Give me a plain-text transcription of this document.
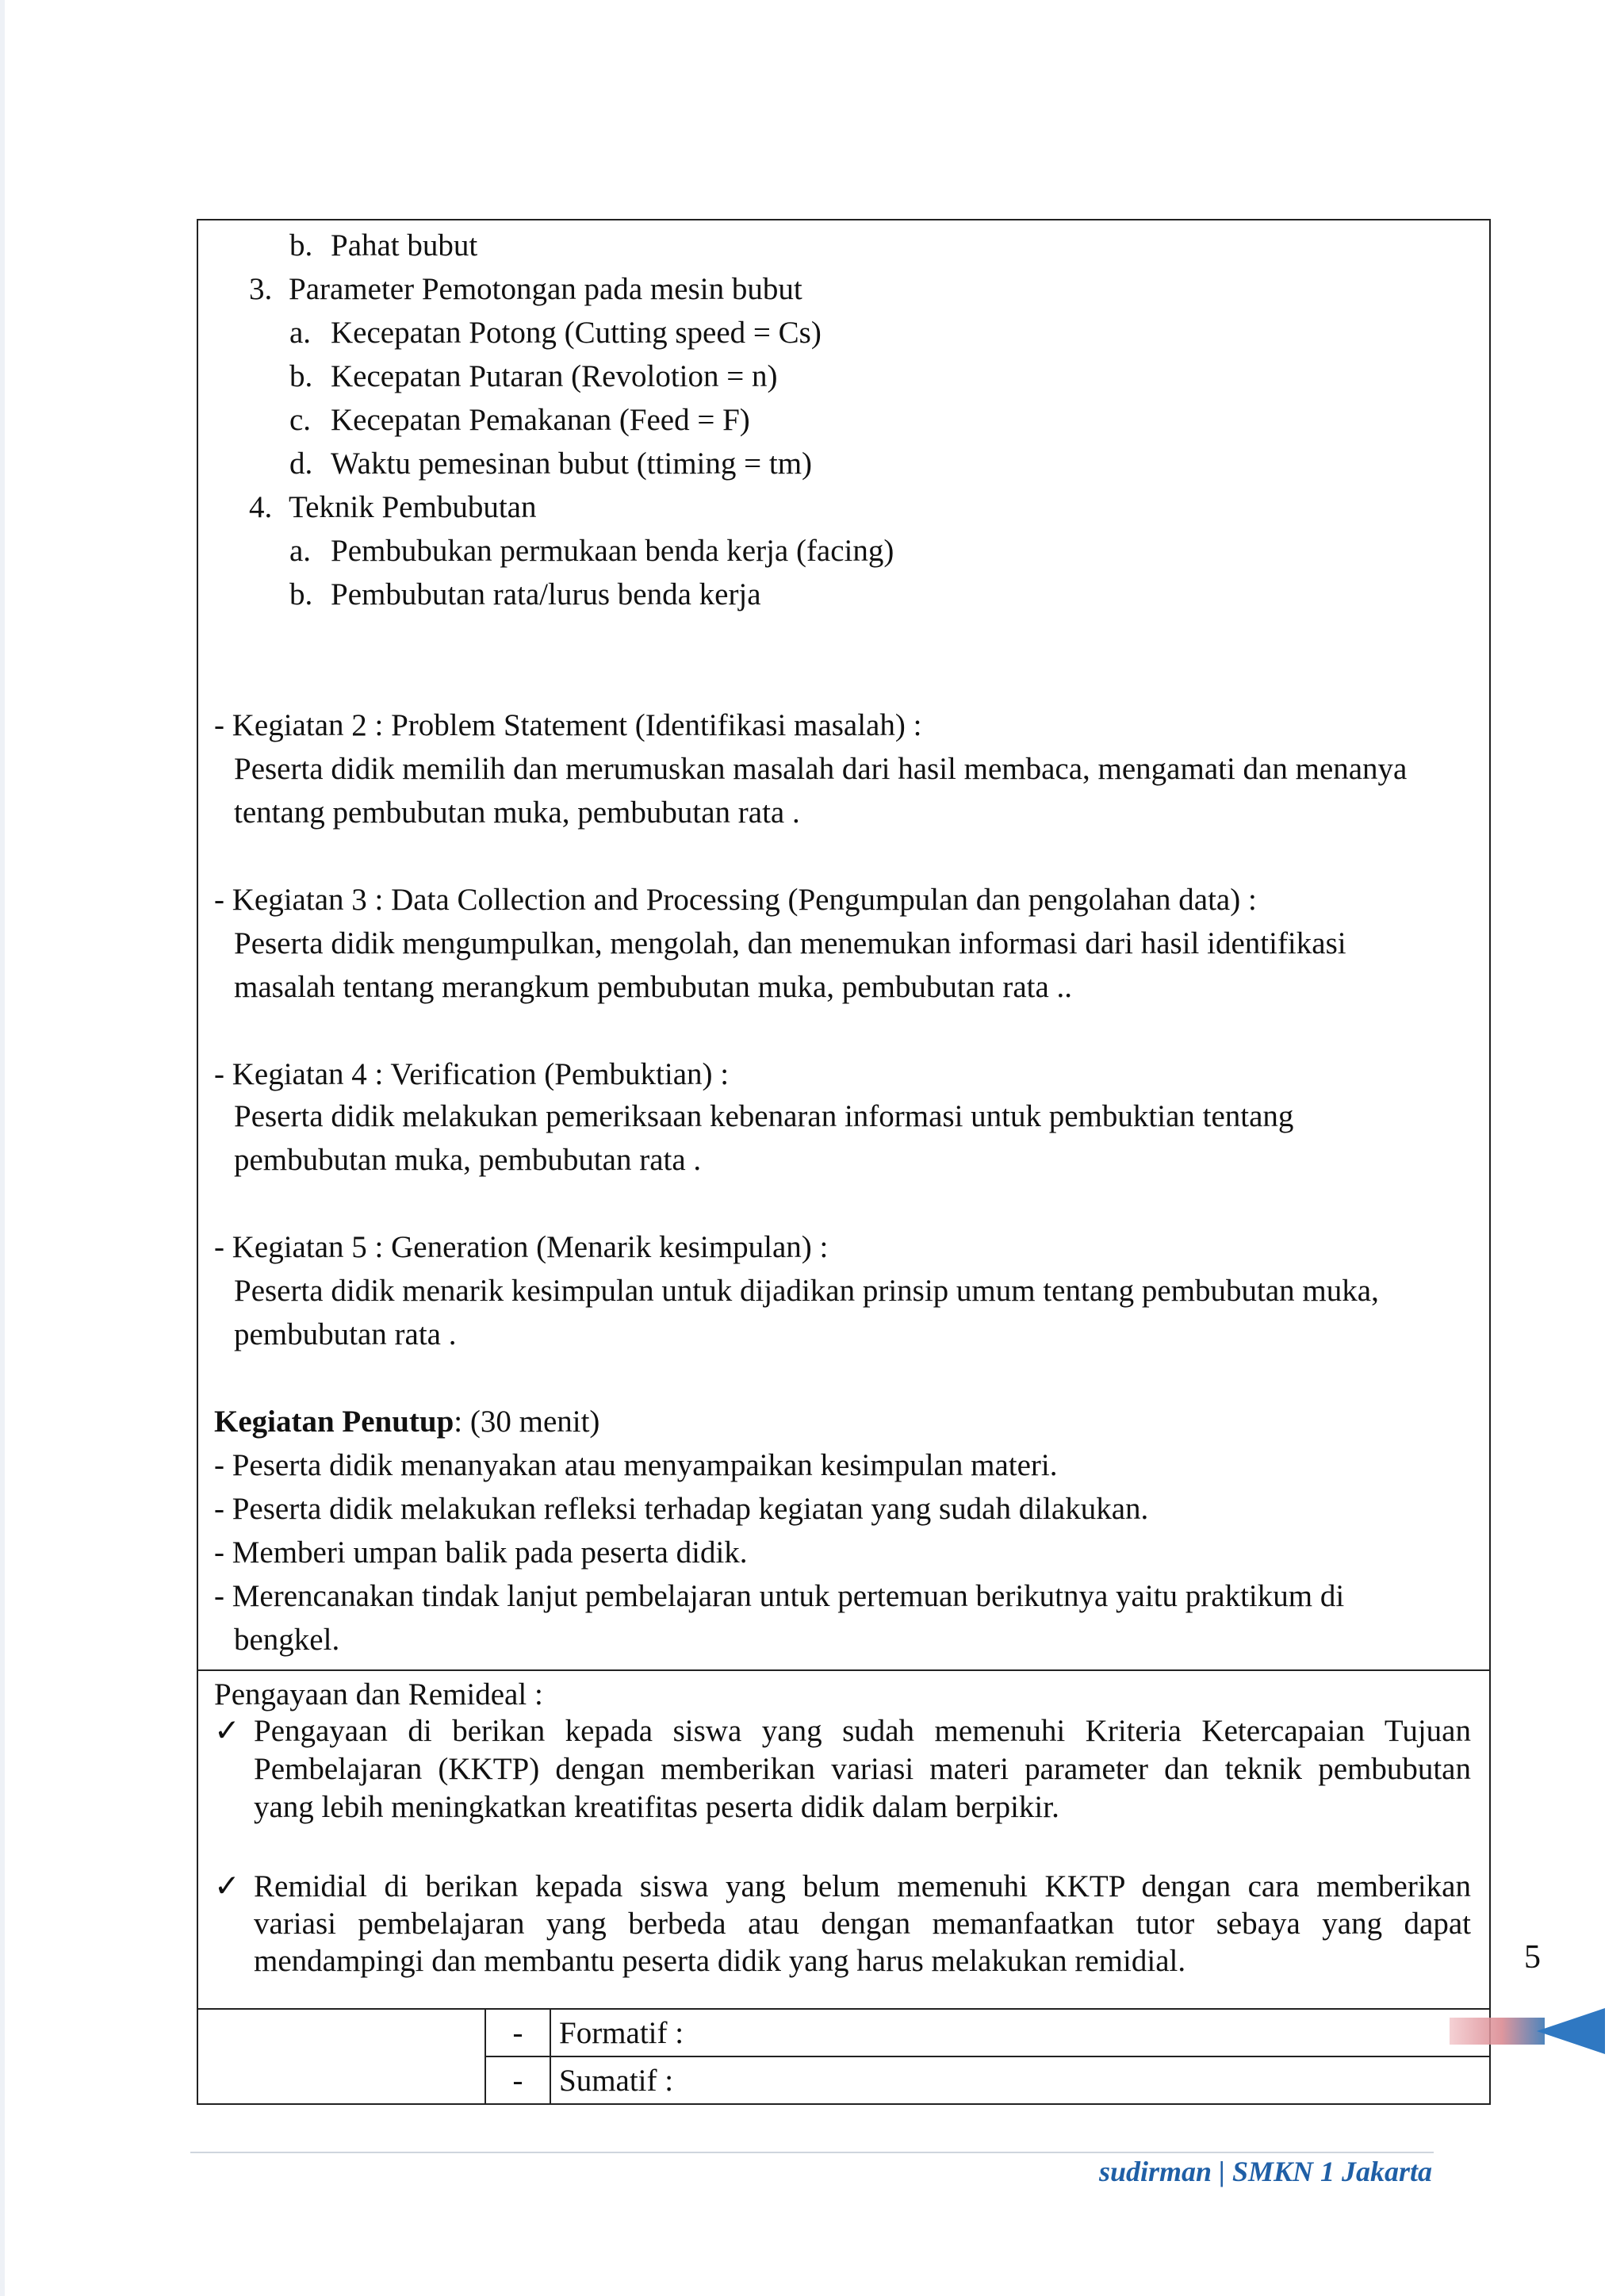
b. Pahat bubut
3. Parameter Pemotongan pada mesin bubut
a. Kecepatan Potong (Cutting speed = Cs)
b. Kecepatan Putaran (Revolotion = n)
c. Kecepatan Pemakanan (Feed = F)
d. Waktu pemesinan bubut (ttiming = tm)
4. Teknik Pembubutan
a. Pembubukan permukaan benda kerja (facing)
b. Pembubutan rata/lurus benda kerja
- Kegiatan 2 : Problem Statement (Identifikasi masalah) :
Peserta didik memilih dan merumuskan masalah dari hasil membaca, mengamati dan menanya
tentang pembubutan muka, pembubutan rata .
- Kegiatan 3 : Data Collection and Processing (Pengumpulan dan pengolahan data) :
Peserta didik mengumpulkan, mengolah, dan menemukan informasi dari hasil identifikasi
masalah tentang merangkum pembubutan muka, pembubutan rata ..
- Kegiatan 4 : Verification (Pembuktian) :
Peserta didik melakukan pemeriksaan kebenaran informasi untuk pembuktian tentang
pembubutan muka, pembubutan rata .
- Kegiatan 5 : Generation (Menarik kesimpulan) :
Peserta didik menarik kesimpulan untuk dijadikan prinsip umum tentang pembubutan muka,
pembubutan rata .
Kegiatan Penutup: (30 menit)
- Peserta didik menanyakan atau menyampaikan kesimpulan materi.
- Peserta didik melakukan refleksi terhadap kegiatan yang sudah dilakukan.
- Memberi umpan balik pada peserta didik.
- Merencanakan tindak lanjut pembelajaran untuk pertemuan berikutnya yaitu praktikum di
bengkel.
Pengayaan dan Remideal :
✓ Pengayaan di berikan kepada siswa yang sudah memenuhi Kriteria Ketercapaian Tujuan
Pembelajaran (KKTP) dengan memberikan variasi materi parameter dan teknik pembubutan
yang lebih meningkatkan kreatifitas peserta didik dalam berpikir.
✓ Remidial di berikan kepada siswa yang belum memenuhi KKTP dengan cara memberikan
variasi pembelajaran yang berbeda atau dengan memanfaatkan tutor sebaya yang dapat
mendampingi dan membantu peserta didik yang harus melakukan remidial.
	-	Formatif :
	-	Sumatif :
5
sudirman | SMKN 1 Jakarta
